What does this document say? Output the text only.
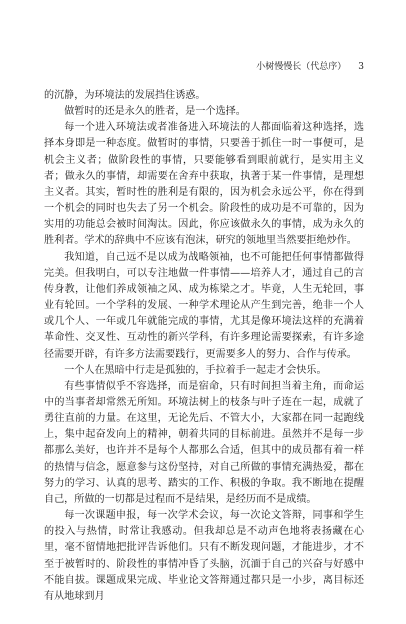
小树慢慢长（代总序） 3

的沉静，为环境法的发展挡住诱惑。

做暂时的还是永久的胜者，是一个选择。

每一个进入环境法或者准备进入环境法的人都面临着这种选择，选择本身即是一种态度。做暂时的事情，只要善于抓住一时一事便可，是机会主义者；做阶段性的事情，只要能够看到眼前就行，是实用主义者；做永久的事情，却需要在舍弃中获取，执著于某一件事情，是理想主义者。其实，暂时性的胜利是有限的，因为机会永远公平，你在得到一个机会的同时也失去了另一个机会。阶段性的成功是不可靠的，因为实用的功能总会被时间淘汰。因此，你应该做永久的事情，成为永久的胜利者。学术的辞典中不应该有泡沫，研究的领地里当然要拒绝炒作。

我知道，自己远不是以成为战略领袖，也不可能把任何事情都做得完美。但我明白，可以专注地做一件事情——培养人才，通过自己的言传身教，让他们养成领袖之风、成为栋梁之才。毕竟，人生无轮回，事业有轮回。一个学科的发展、一种学术理论从产生到完善，绝非一个人或几个人、一年或几年就能完成的事情，尤其是像环境法这样的充满着革命性、交叉性、互动性的新兴学科，有许多理论需要探索，有许多途径需要开辟，有许多方法需要践行，更需要多人的努力、合作与传承。

一个人在黑暗中行走是孤独的，手拉着手一起走才会快乐。

有些事情似乎不容选择，而是宿命，只有时间担当着主角，而命运中的当事者却常然无所知。环境法树上的枝条与叶子连在一起，成就了勇往直前的力量。在这里，无论先后、不管大小，大家都在同一起跑线上，集中起奋发向上的精神，朝着共同的目标前进。虽然并不是每一步都那么美好，也许并不是每个人都那么合适，但其中的成员都有着一样的热情与信念，愿意参与这份坚持，对自己所做的事情充满热爱，都在努力的学习、认真的思考、踏实的工作、积极的争取。我不断地在提醒自己，所做的一切都是过程而不是结果，是经历而不是成绩。

每一次课题申报，每一次学术会议，每一次论文答辩，同事和学生的投入与热情，时常让我感动。但我却总是不动声色地将表扬藏在心里，毫不留情地把批评告诉他们。只有不断发现问题，才能进步，才不至于被暂时的、阶段性的事情冲昏了头脑，沉湎于自己的兴奋与好感中不能自拔。课题成果完成、毕业论文答辩通过都只是一小步，离目标还有从地球到月
